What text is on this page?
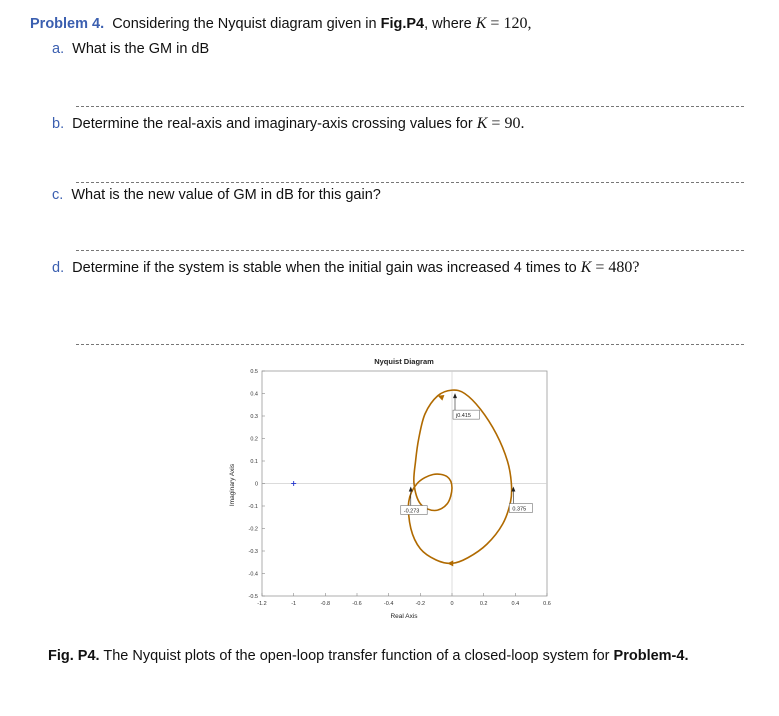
Problem 4. Considering the Nyquist diagram given in Fig.P4, where K = 120,
a. What is the GM in dB
b. Determine the real-axis and imaginary-axis crossing values for K = 90.
c. What is the new value of GM in dB for this gain?
d. Determine if the system is stable when the initial gain was increased 4 times to K = 480?
Nyquist Diagram
-1.2	-1	-0.8	-0.6	-0.4	-0.2	0	0.2	0.4	0.6
0.5
0.4
0.3
0.2
0.1
0
-0.1
-0.2
-0.3
-0.4
-0.5
j0.415
-0.273	0.375
Real Axis
Imaginary Axis
Fig. P4. The Nyquist plots of the open-loop transfer function of a closed-loop system for Problem-4.
